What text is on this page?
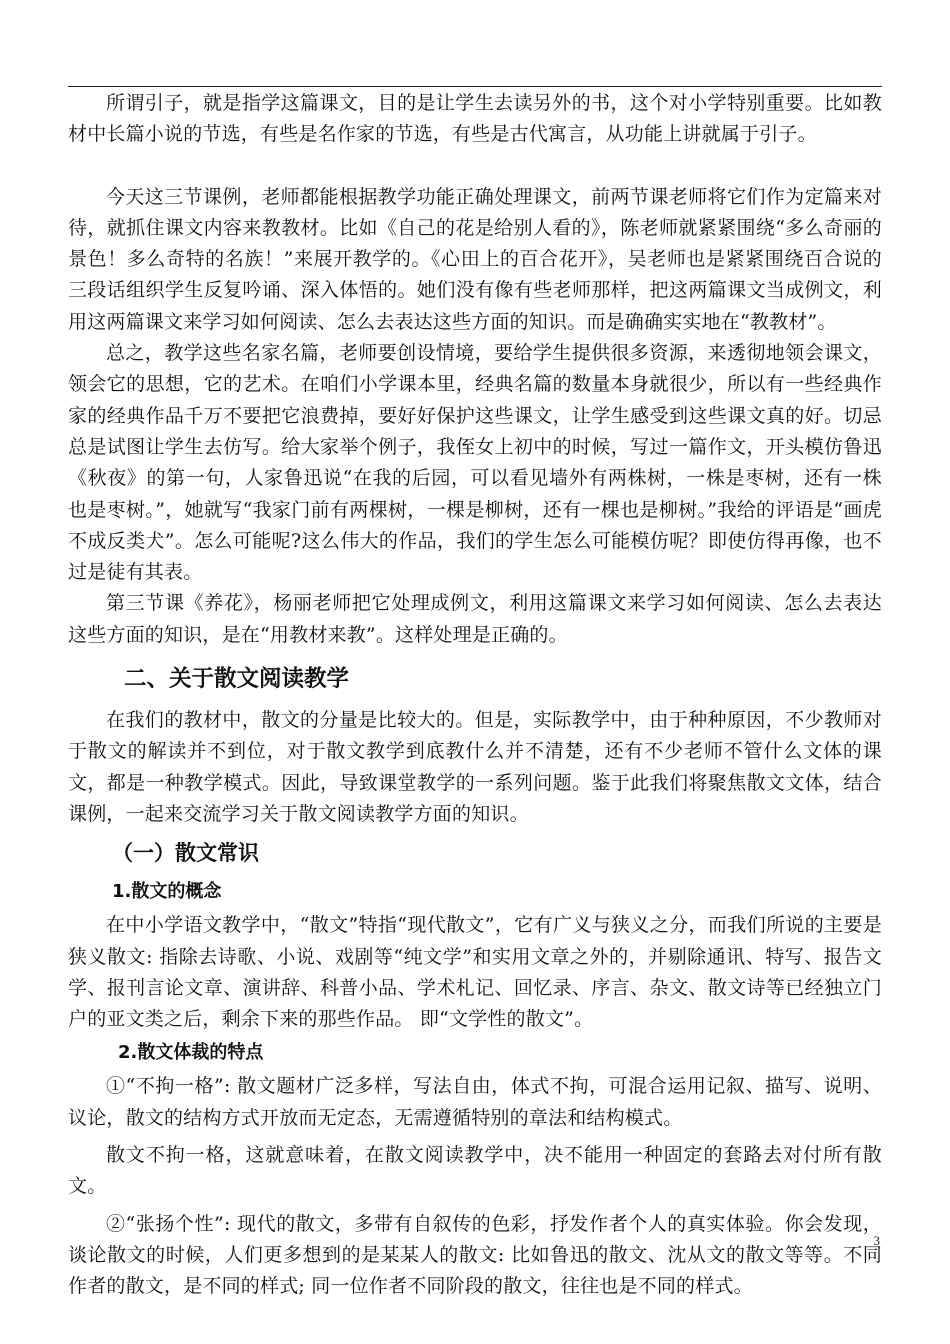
所谓引子，就是指学这篇课文，目的是让学生去读另外的书，这个对小学特别重要。比如教材中长篇小说的节选，有些是名作家的节选，有些是古代寓言，从功能上讲就属于引子。

今天这三节课例，老师都能根据教学功能正确处理课文，前两节课老师将它们作为定篇来对待，就抓住课文内容来教教材。比如《自己的花是给别人看的》，陈老师就紧紧围绕“多么奇丽的景色！多么奇特的名族！”来展开教学的。《心田上的百合花开》，吴老师也是紧紧围绕百合说的三段话组织学生反复吟诵、深入体悟的。她们没有像有些老师那样，把这两篇课文当成例文，利用这两篇课文来学习如何阅读、怎么去表达这些方面的知识。而是确确实实地在“教教材”。

总之，教学这些名家名篇，老师要创设情境，要给学生提供很多资源，来透彻地领会课文，领会它的思想，它的艺术。在咱们小学课本里，经典名篇的数量本身就很少，所以有一些经典作家的经典作品千万不要把它浪费掉，要好好保护这些课文，让学生感受到这些课文真的好。切忌总是试图让学生去仿写。给大家举个例子，我侄女上初中的时候，写过一篇作文，开头模仿鲁迅《秋夜》的第一句，人家鲁迅说“在我的后园，可以看见墙外有两株树，一株是枣树，还有一株也是枣树。”，她就写“我家门前有两棵树，一棵是柳树，还有一棵也是柳树。”我给的评语是“画虎不成反类犬”。怎么可能呢?这么伟大的作品，我们的学生怎么可能模仿呢？即使仿得再像，也不过是徒有其表。

第三节课《养花》，杨丽老师把它处理成例文，利用这篇课文来学习如何阅读、怎么去表达这些方面的知识，是在“用教材来教”。这样处理是正确的。

二、关于散文阅读教学

在我们的教材中，散文的分量是比较大的。但是，实际教学中，由于种种原因，不少教师对于散文的解读并不到位，对于散文教学到底教什么并不清楚，还有不少老师不管什么文体的课文，都是一种教学模式。因此，导致课堂教学的一系列问题。鉴于此我们将聚焦散文文体，结合课例，一起来交流学习关于散文阅读教学方面的知识。

（一）散文常识
1.散文的概念

在中小学语文教学中，“散文”特指“现代散文”，它有广义与狭义之分，而我们所说的主要是狭义散文: 指除去诗歌、小说、戏剧等“纯文学”和实用文章之外的，并剔除通讯、特写、报告文学、报刊言论文章、演讲辞、科普小品、学术札记、回忆录、序言、杂文、散文诗等已经独立门户的亚文类之后，剩余下来的那些作品。 即“文学性的散文”。

2.散文体裁的特点

①“不拘一格”: 散文题材广泛多样，写法自由，体式不拘，可混合运用记叙、描写、说明、议论，散文的结构方式开放而无定态，无需遵循特别的章法和结构模式。

散文不拘一格，这就意味着，在散文阅读教学中，决不能用一种固定的套路去对付所有散文。

②“张扬个性”: 现代的散文，多带有自叙传的色彩，抒发作者个人的真实体验。你会发现，谈论散文的时候，人们更多想到的是某某人的散文: 比如鲁迅的散文、沈从文的散文等等。不同作者的散文，是不同的样式; 同一位作者不同阶段的散文，往往也是不同的样式。

3
